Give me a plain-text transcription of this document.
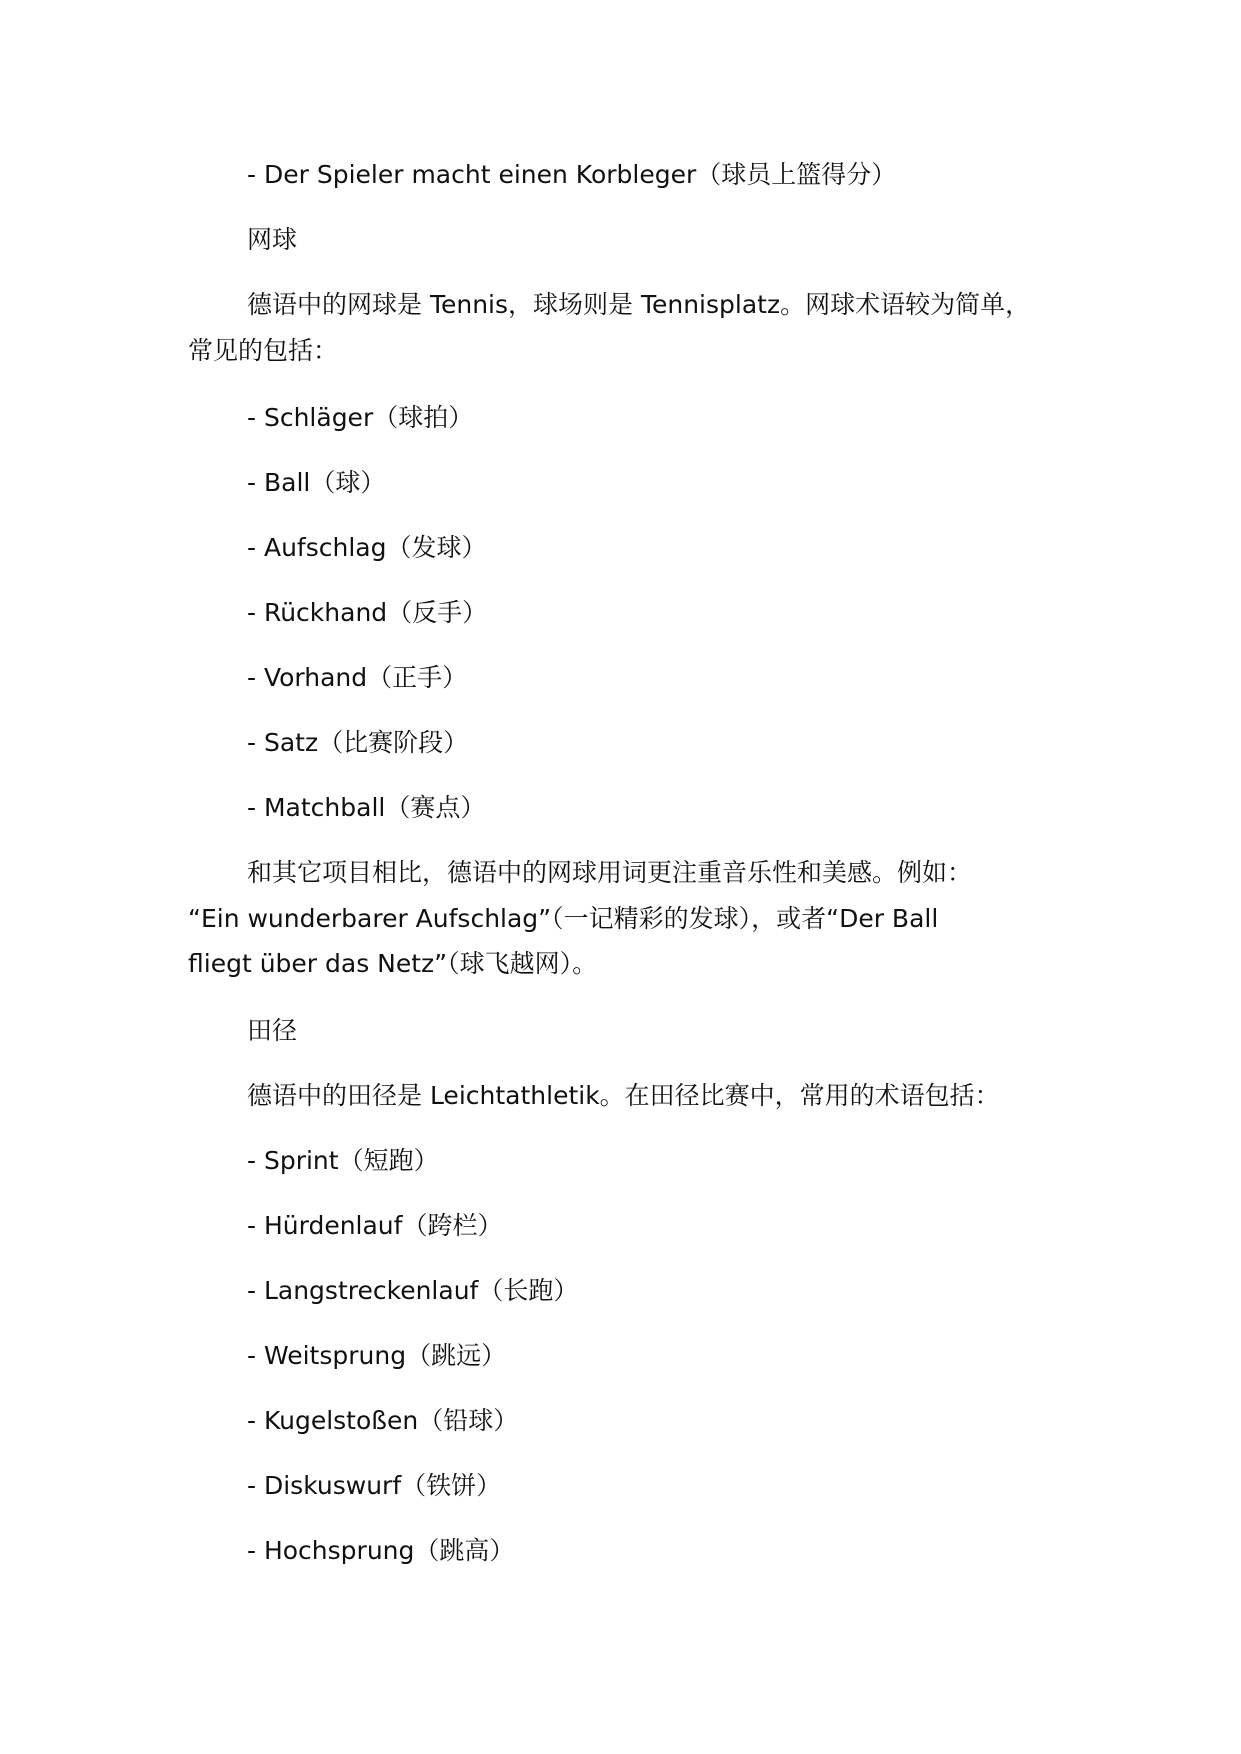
- Der Spieler macht einen Korbleger（球员上篮得分）
网球
德语中的网球是 Tennis，球场则是 Tennisplatz。网球术语较为简单，
常见的包括：
- Schläger（球拍）
- Ball（球）
- Aufschlag（发球）
- Rückhand（反手）
- Vorhand（正手）
- Satz（比赛阶段）
- Matchball（赛点）
和其它项目相比，德语中的网球用词更注重音乐性和美感。例如：
“Ein wunderbarer Aufschlag”（一记精彩的发球），或者“Der Ball
fliegt über das Netz”（球飞越网）。
田径
德语中的田径是 Leichtathletik。在田径比赛中，常用的术语包括：
- Sprint（短跑）
- Hürdenlauf（跨栏）
- Langstreckenlauf（长跑）
- Weitsprung（跳远）
- Kugelstoßen（铅球）
- Diskuswurf（铁饼）
- Hochsprung（跳高）
